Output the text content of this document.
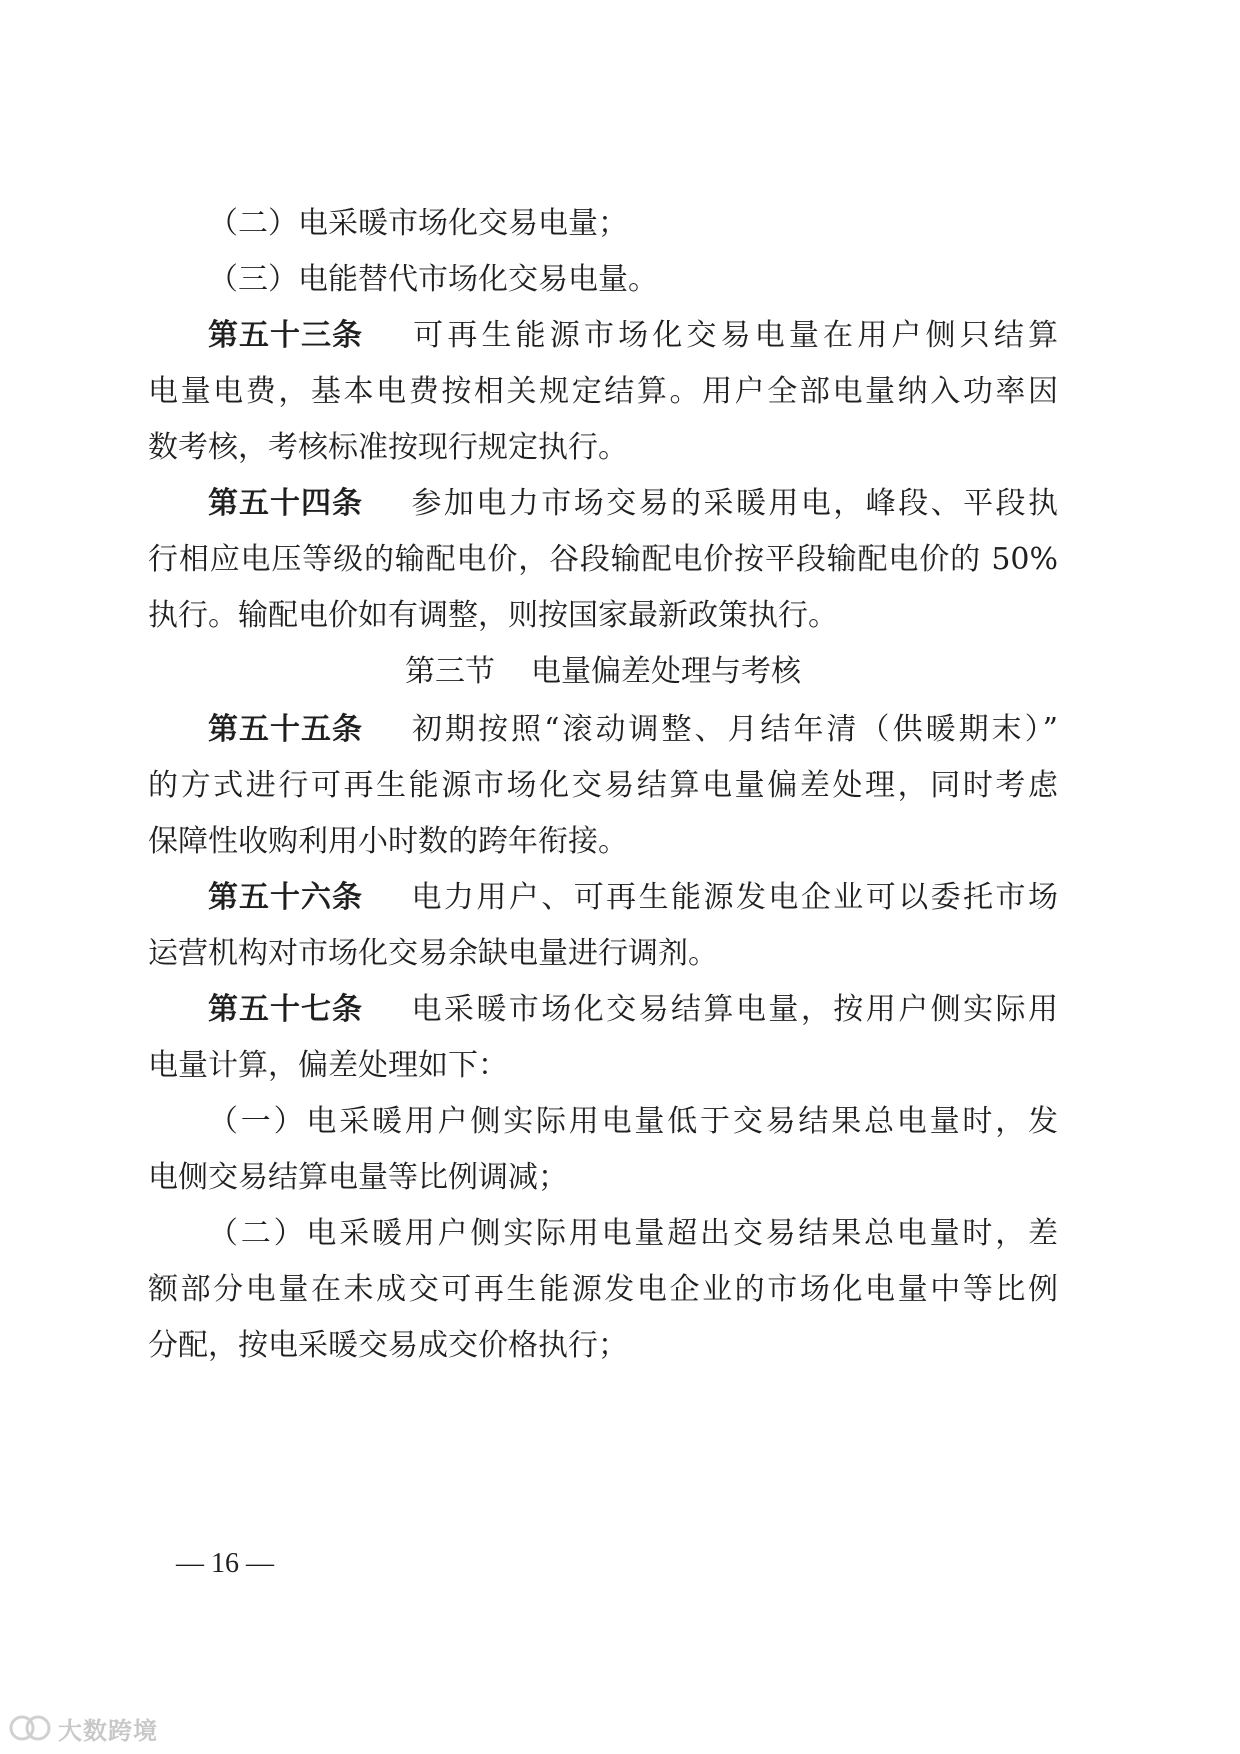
（二）电采暖市场化交易电量；
（三）电能替代市场化交易电量。
第五十三条 可再生能源市场化交易电量在用户侧只结算
电量电费，基本电费按相关规定结算。用户全部电量纳入功率因
数考核，考核标准按现行规定执行。
第五十四条 参加电力市场交易的采暖用电，峰段、平段执
行相应电压等级的输配电价，谷段输配电价按平段输配电价的 50%
执行。输配电价如有调整，则按国家最新政策执行。
第三节 电量偏差处理与考核
第五十五条 初期按照“滚动调整、月结年清（供暖期末）”
的方式进行可再生能源市场化交易结算电量偏差处理，同时考虑
保障性收购利用小时数的跨年衔接。
第五十六条 电力用户、可再生能源发电企业可以委托市场
运营机构对市场化交易余缺电量进行调剂。
第五十七条 电采暖市场化交易结算电量，按用户侧实际用
电量计算，偏差处理如下：
（一）电采暖用户侧实际用电量低于交易结果总电量时，发
电侧交易结算电量等比例调减；
（二）电采暖用户侧实际用电量超出交易结果总电量时，差
额部分电量在未成交可再生能源发电企业的市场化电量中等比例
分配，按电采暖交易成交价格执行；
— 16 —
大数跨境
